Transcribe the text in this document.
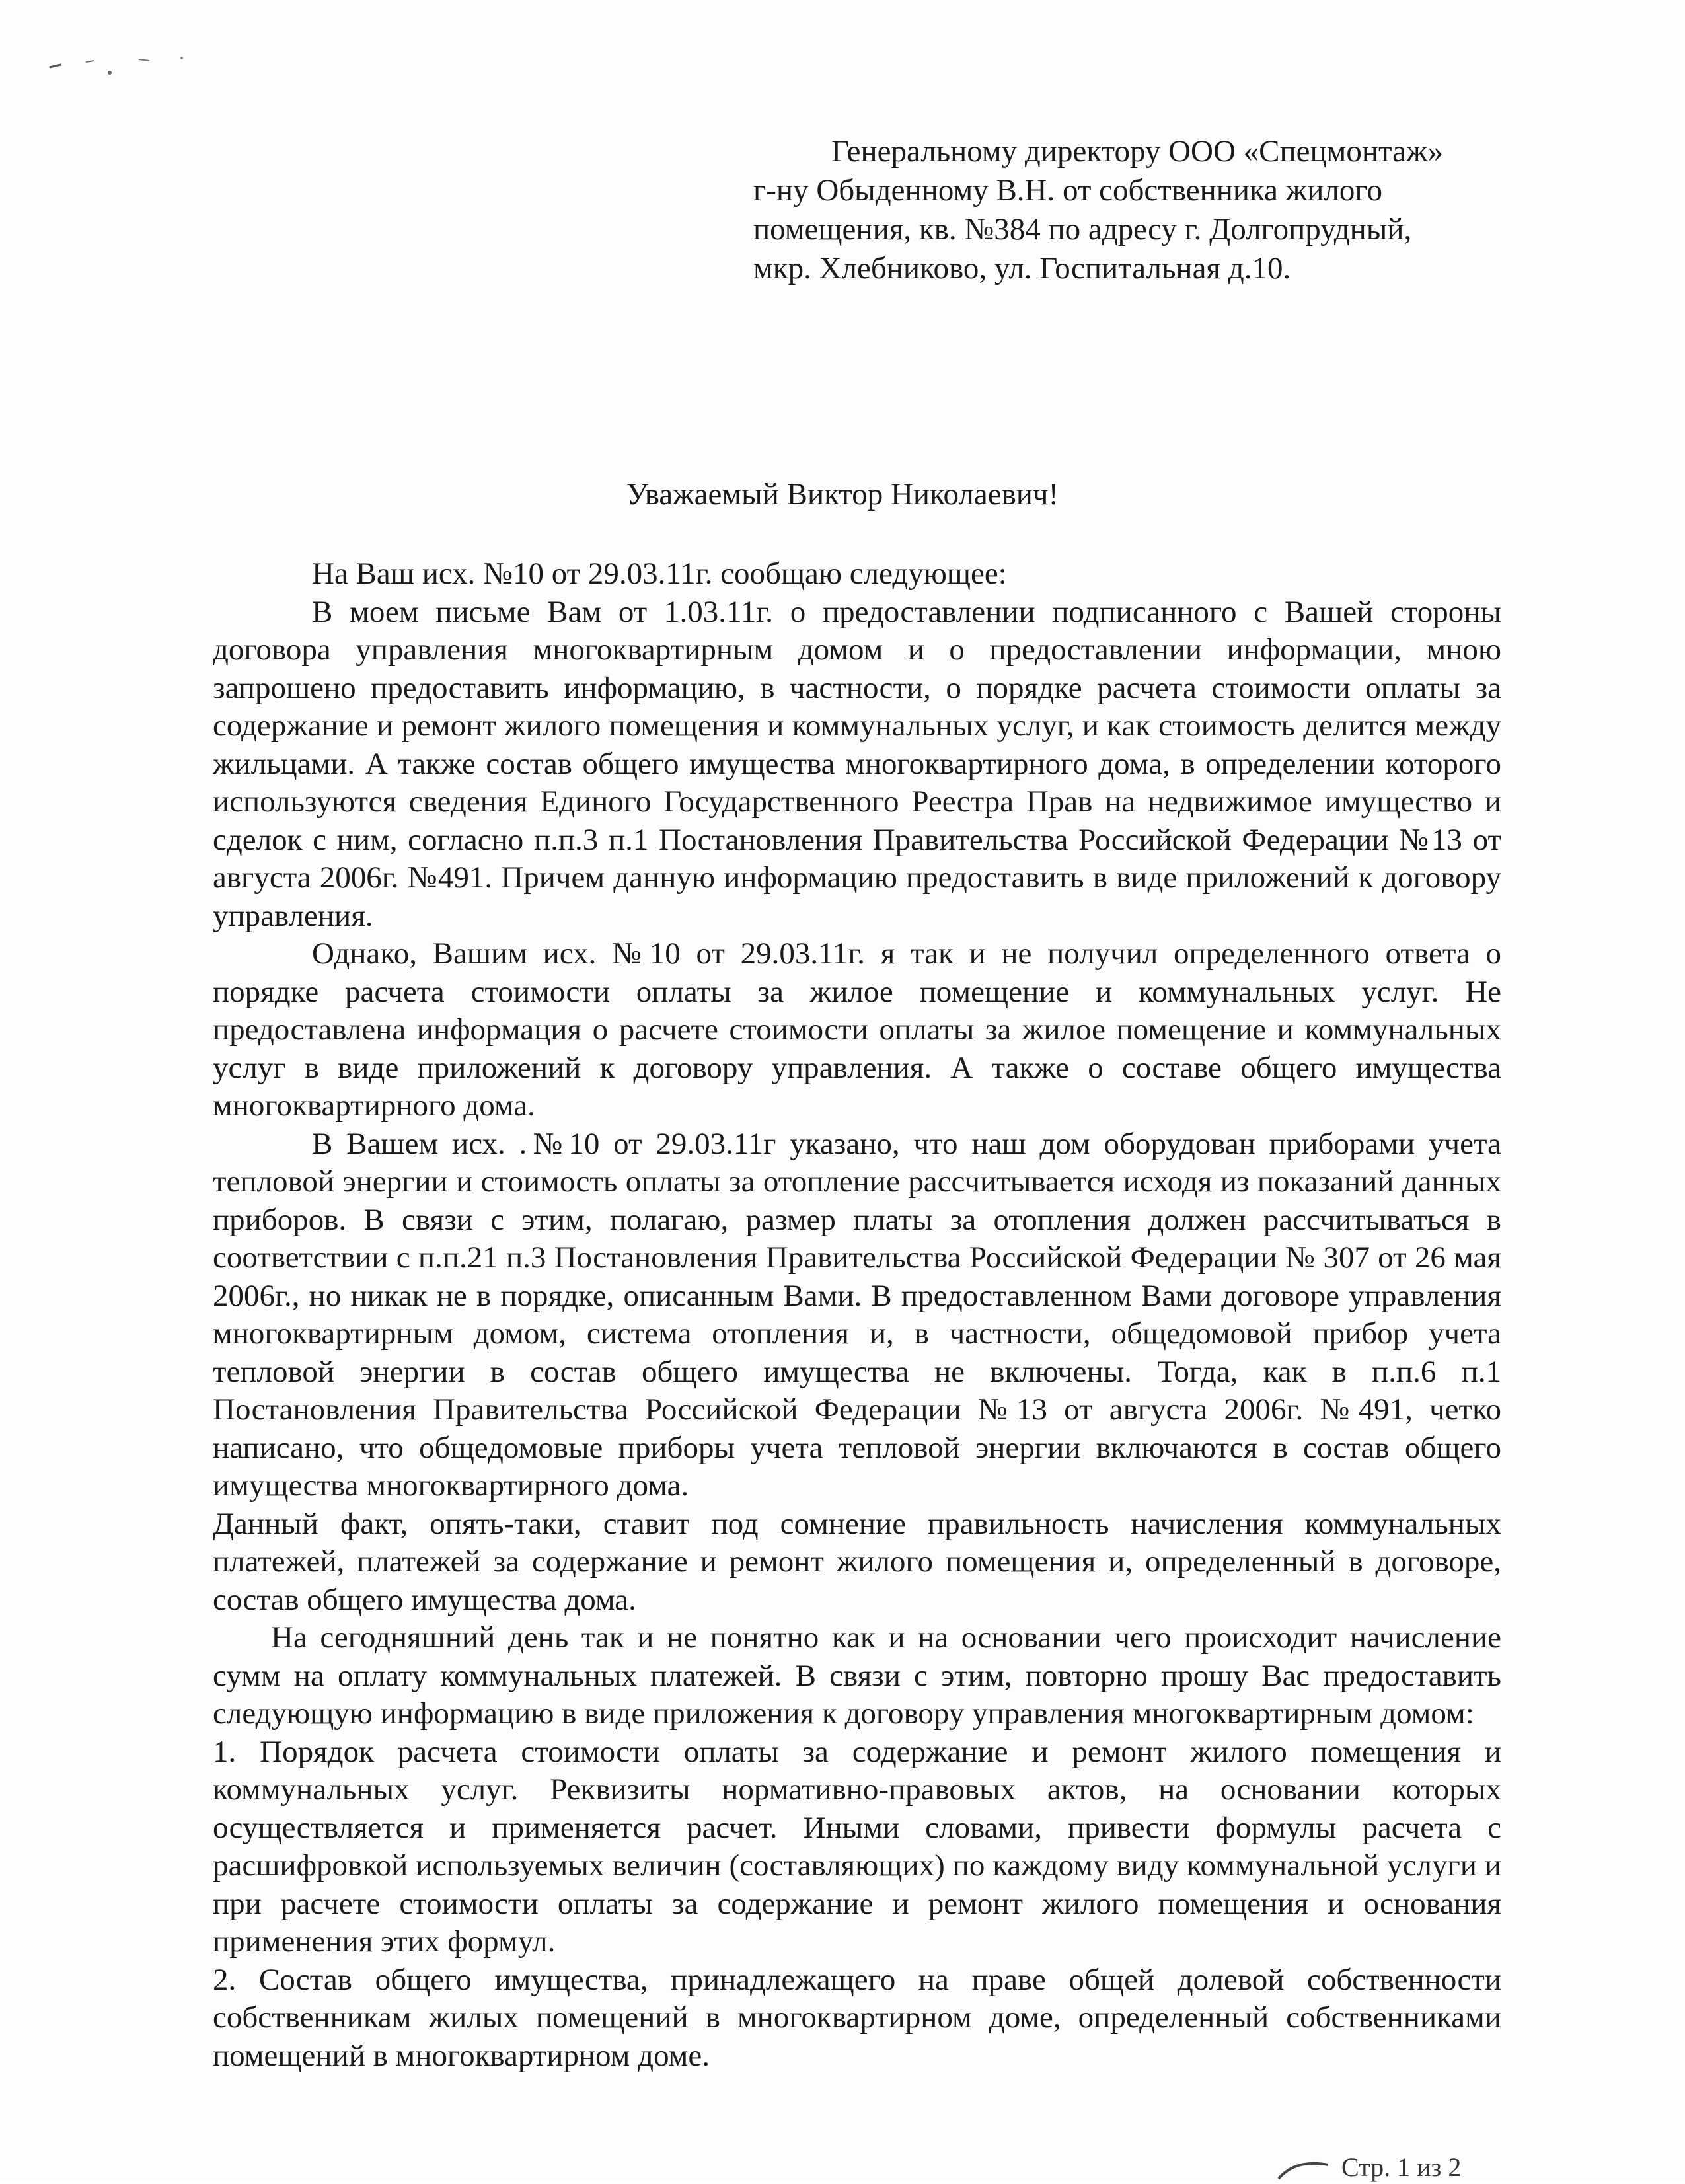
Генеральному директору ООО «Спецмонтаж»
г-ну Обыденному В.Н. от собственника жилого
помещения, кв. №384 по адресу г. Долгопрудный,
мкр. Хлебниково, ул. Госпитальная д.10.
Уважаемый Виктор Николаевич!

На Ваш исх. №10 от 29.03.11г. сообщаю следующее:

В моем письме Вам от 1.03.11г. о предоставлении подписанного с Вашей стороны договора управления многоквартирным домом и о предоставлении информации, мною запрошено предоставить информацию, в частности, о порядке расчета стоимости оплаты за содержание и ремонт жилого помещения и коммунальных услуг, и как стоимость делится между жильцами. А также состав общего имущества многоквартирного дома, в определении которого используются сведения Единого Государственного Реестра Прав на недвижимое имущество и сделок с ним, согласно п.п.3 п.1 Постановления Правительства Российской Федерации №13 от августа 2006г. №491. Причем данную информацию предоставить в виде приложений к договору управления.

Однако, Вашим исх. №10 от 29.03.11г. я так и не получил определенного ответа о порядке расчета стоимости оплаты за жилое помещение и коммунальных услуг. Не предоставлена информация о расчете стоимости оплаты за жилое помещение и коммунальных услуг в виде приложений к договору управления. А также о составе общего имущества многоквартирного дома.

В Вашем исх. .№10 от 29.03.11г указано, что наш дом оборудован приборами учета тепловой энергии и стоимость оплаты за отопление рассчитывается исходя из показаний данных приборов. В связи с этим, полагаю, размер платы за отопления должен рассчитываться в соответствии с п.п.21 п.3 Постановления Правительства Российской Федерации № 307 от 26 мая 2006г., но никак не в порядке, описанным Вами. В предоставленном Вами договоре управления многоквартирным домом, система отопления и, в частности, общедомовой прибор учета тепловой энергии в состав общего имущества не включены. Тогда, как в п.п.6 п.1 Постановления Правительства Российской Федерации №13 от августа 2006г. №491, четко написано, что общедомовые приборы учета тепловой энергии включаются в состав общего имущества многоквартирного дома.

Данный факт, опять-таки, ставит под сомнение правильность начисления коммунальных платежей, платежей за содержание и ремонт жилого помещения и, определенный в договоре, состав общего имущества дома.

На сегодняшний день так и не понятно как и на основании чего происходит начисление сумм на оплату коммунальных платежей. В связи с этим, повторно прошу Вас предоставить следующую информацию в виде приложения к договору управления многоквартирным домом:

1. Порядок расчета стоимости оплаты за содержание и ремонт жилого помещения и коммунальных услуг. Реквизиты нормативно-правовых актов, на основании которых осуществляется и применяется расчет. Иными словами, привести формулы расчета с расшифровкой используемых величин (составляющих) по каждому виду коммунальной услуги и при расчете стоимости оплаты за содержание и ремонт жилого помещения и основания применения этих формул.

2. Состав общего имущества, принадлежащего на праве общей долевой собственности собственникам жилых помещений в многоквартирном доме, определенный собственниками помещений в многоквартирном доме.

Стр. 1 из 2
